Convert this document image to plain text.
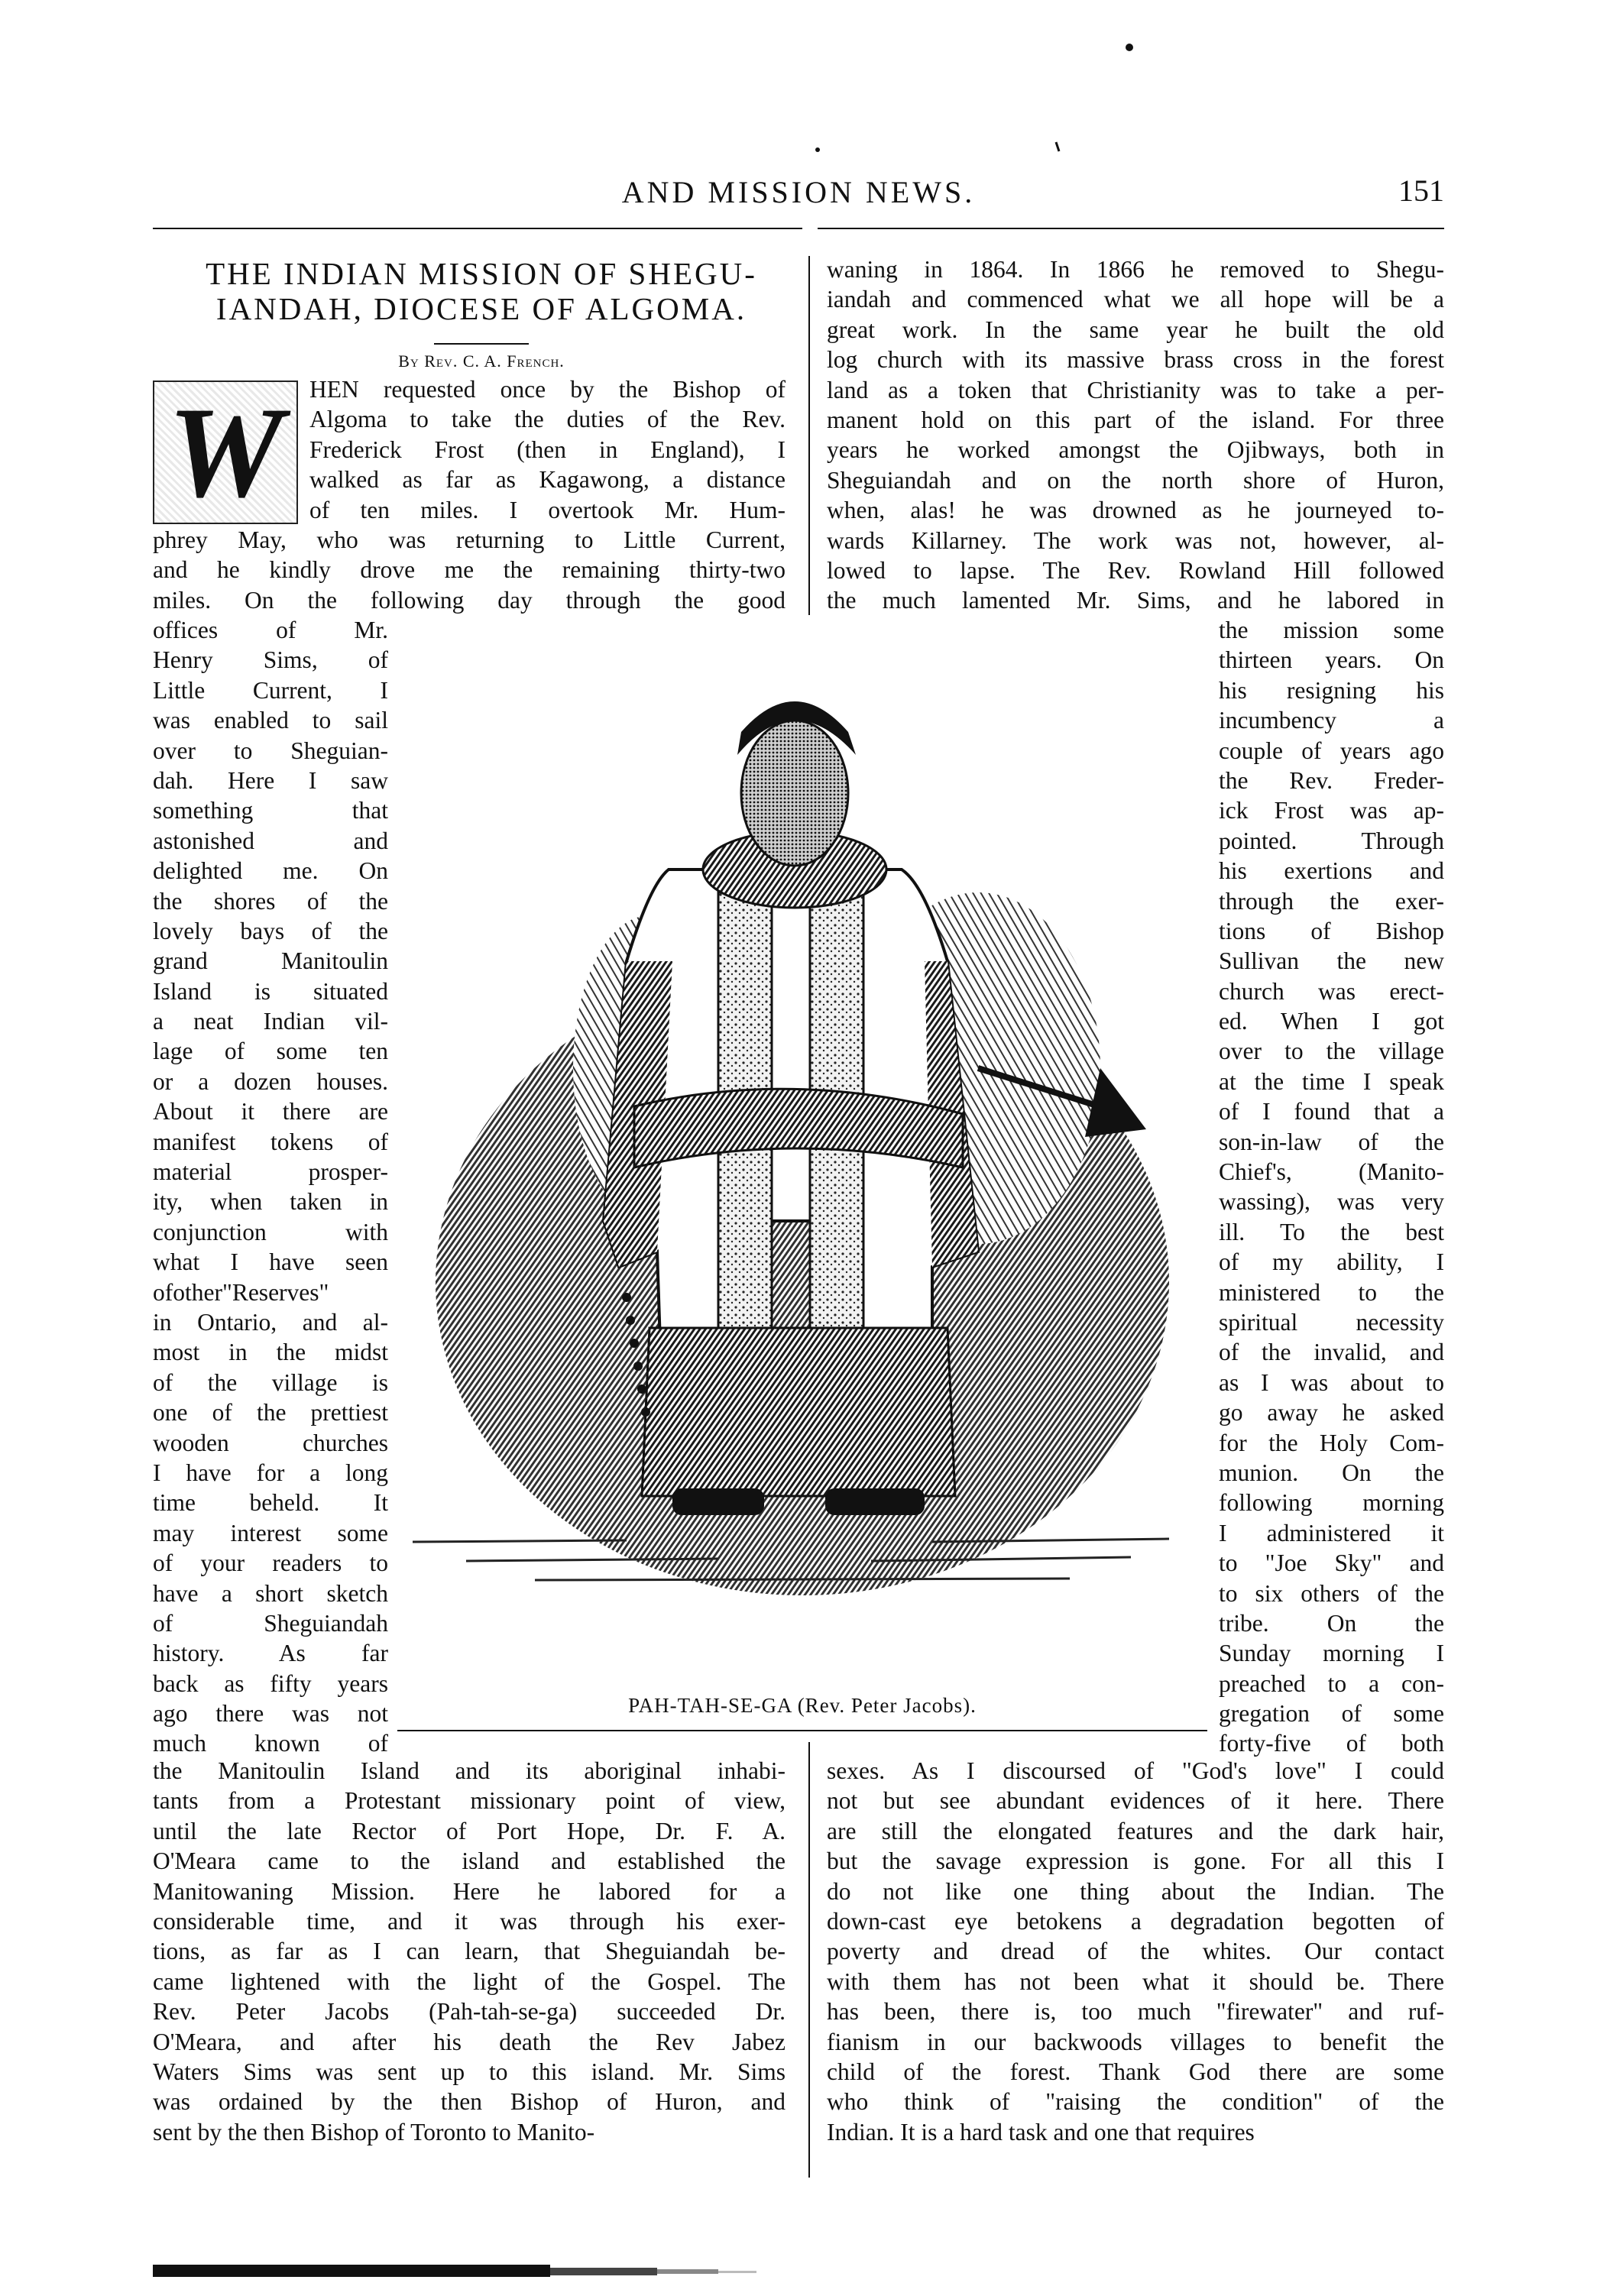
AND MISSION NEWS.	151
THE INDIAN MISSION OF SHEGU-
IANDAH, DIOCESE OF ALGOMA.
By Rev. C. A. French.
W HEN requested once by the Bishop of
Algoma to take the duties of the Rev.
Frederick Frost (then in England), I
walked as far as Kagawong, a distance
of ten miles. I overtook Mr. Hum-
phrey May, who was returning to Little Current,
and he kindly drove me the remaining thirty-two
miles. On the following day through the good
offices of Mr.
Henry Sims, of
Little Current, I
was enabled to sail
over to Sheguian-
dah. Here I saw
something that
astonished and
delighted me. On
the shores of the
lovely bays of the
grand Manitoulin
Island is situated
a neat Indian vil-
lage of some ten
or a dozen houses.
About it there are
manifest tokens of
material prosper-
ity, when taken in
conjunction with
what I have seen
ofother"Reserves"
in Ontario, and al-
most in the midst
of the village is
one of the prettiest
wooden churches
I have for a long
time beheld. It
may interest some
of your readers to
have a short sketch
of Sheguiandah
history. As far
back as fifty years
ago there was not
much known of
the Manitoulin Island and its aboriginal inhabi-
tants from a Protestant missionary point of view,
until the late Rector of Port Hope, Dr. F. A.
O'Meara came to the island and established the
Manitowaning Mission. Here he labored for a
considerable time, and it was through his exer-
tions, as far as I can learn, that Sheguiandah be-
came lightened with the light of the Gospel. The
Rev. Peter Jacobs (Pah-tah-se-ga) succeeded Dr.
O'Meara, and after his death the Rev Jabez
Waters Sims was sent up to this island. Mr. Sims
was ordained by the then Bishop of Huron, and
sent by the then Bishop of Toronto to Manito-
waning in 1864. In 1866 he removed to Shegu-
iandah and commenced what we all hope will be a
great work. In the same year he built the old
log church with its massive brass cross in the forest
land as a token that Christianity was to take a per-
manent hold on this part of the island. For three
years he worked amongst the Ojibways, both in
Sheguiandah and on the north shore of Huron,
when, alas! he was drowned as he journeyed to-
wards Killarney. The work was not, however, al-
lowed to lapse. The Rev. Rowland Hill followed
the much lamented Mr. Sims, and he labored in
the mission some
thirteen years. On
his resigning his
incumbency a
couple of years ago
the Rev. Freder-
ick Frost was ap-
pointed. Through
his exertions and
through the exer-
tions of Bishop
Sullivan the new
church was erect-
ed. When I got
over to the village
at the time I speak
of I found that a
son-in-law of the
Chief's, (Manito-
wassing), was very
ill. To the best
of my ability, I
ministered to the
spiritual necessity
of the invalid, and
as I was about to
go away he asked
for the Holy Com-
munion. On the
following morning
I administered it
to "Joe Sky" and
to six others of the
tribe. On the
Sunday morning I
preached to a con-
gregation of some
forty-five of both
sexes. As I discoursed of "God's love" I could
not but see abundant evidences of it here. There
are still the elongated features and the dark hair,
but the savage expression is gone. For all this I
do not like one thing about the Indian. The
down-cast eye betokens a degradation begotten of
poverty and dread of the whites. Our contact
with them has not been what it should be. There
has been, there is, too much "firewater" and ruf-
fianism in our backwoods villages to benefit the
child of the forest. Thank God there are some
who think of "raising the condition" of the
Indian. It is a hard task and one that requires
PAH-TAH-SE-GA (Rev. Peter Jacobs).
